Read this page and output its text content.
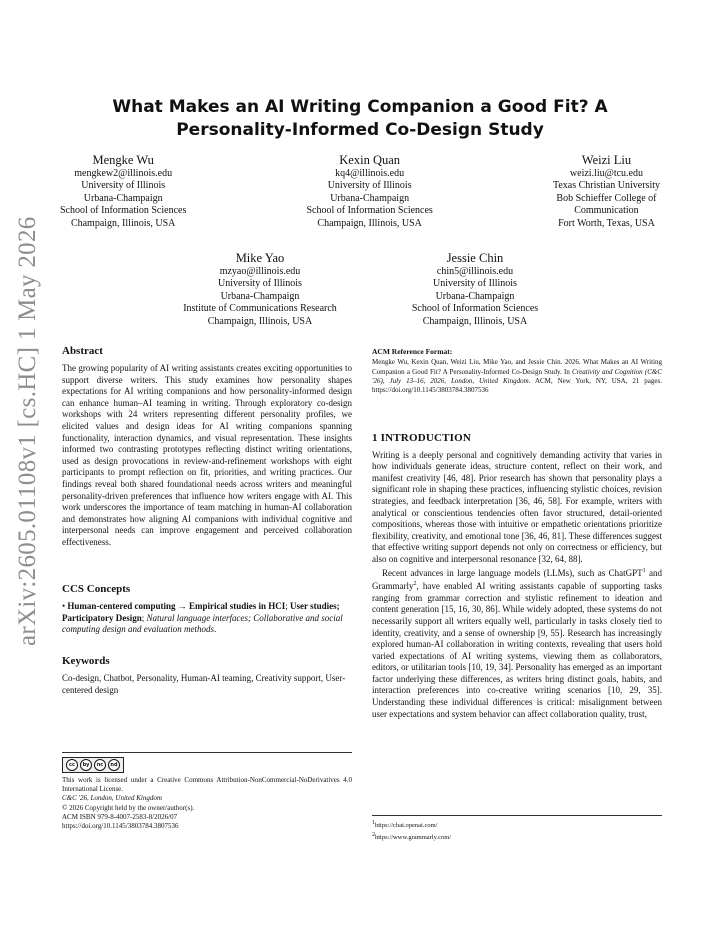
arXiv:2605.01108v1 [cs.HC] 1 May 2026
What Makes an AI Writing Companion a Good Fit? A
Personality-Informed Co-Design Study
Mengke Wu
mengkew2@illinois.edu
University of Illinois
Urbana-Champaign
School of Information Sciences
Champaign, Illinois, USA
Kexin Quan
kq4@illinois.edu
University of Illinois
Urbana-Champaign
School of Information Sciences
Champaign, Illinois, USA
Weizi Liu
weizi.liu@tcu.edu
Texas Christian University
Bob Schieffer College of
Communication
Fort Worth, Texas, USA
Mike Yao
mzyao@illinois.edu
University of Illinois
Urbana-Champaign
Institute of Communications Research
Champaign, Illinois, USA
Jessie Chin
chin5@illinois.edu
University of Illinois
Urbana-Champaign
School of Information Sciences
Champaign, Illinois, USA
Abstract

The growing popularity of AI writing assistants creates exciting opportunities to support diverse writers. This study examines how personality shapes expectations for AI writing companions and how personality-informed design can enhance human–AI teaming in writing. Through exploratory co-design workshops with 24 writers representing different personality profiles, we elicited values and design ideas for AI writing companions spanning functionality, interaction dynamics, and visual representation. These insights informed two contrasting prototypes reflecting distinct writing orientations, used as design provocations in review-and-refinement workshops with eight participants to prompt reflection on fit, priorities, and writing practices. Our findings reveal both shared foundational needs across writers and meaningful personality-driven preferences that influence how writers engage with AI. This work underscores the importance of team matching in human-AI collaboration and demonstrates how aligning AI companions with individual cognitive and interpersonal needs can improve engagement and perceived collaboration effectiveness.

CCS Concepts

• Human-centered computing → Empirical studies in HCI; User studies; Participatory Design; Natural language interfaces; Collaborative and social computing design and evaluation methods.

Keywords

Co-design, Chatbot, Personality, Human-AI teaming, Creativity support, User-centered design

cc	by	nc	nd
This work is licensed under a Creative Commons Attribution-NonCommercial-NoDerivatives 4.0 International License.
C&C '26, London, United Kingdom
© 2026 Copyright held by the owner/author(s).
ACM ISBN 979-8-4007-2583-8/2026/07
https://doi.org/10.1145/3803784.3807536
ACM Reference Format:
Mengke Wu, Kexin Quan, Weizi Liu, Mike Yao, and Jessie Chin. 2026. What Makes an AI Writing Companion a Good Fit? A Personality-Informed Co-Design Study. In Creativity and Cognition (C&C '26), July 13–16, 2026, London, United Kingdom. ACM, New York, NY, USA, 21 pages. https://doi.org/10.1145/3803784.3807536
1 INTRODUCTION

Writing is a deeply personal and cognitively demanding activity that varies in how individuals generate ideas, structure content, reflect on their work, and manifest creativity [46, 48]. Prior research has shown that personality plays a significant role in shaping these practices, influencing stylistic choices, revision strategies, and feedback interpretation [36, 46, 58]. For example, writers with analytical or conscientious tendencies often favor structured, detail-oriented compositions, whereas those with intuitive or empathetic orientations prioritize flexibility, creativity, and emotional tone [36, 46, 81]. These differences suggest that effective writing support depends not only on correctness or efficiency, but also on cognitive and interpersonal resonance [32, 64, 88].

Recent advances in large language models (LLMs), such as ChatGPT$^1$ and Grammarly$^2$, have enabled AI writing assistants capable of supporting tasks ranging from grammar correction and stylistic refinement to ideation and content generation [15, 16, 30, 86]. While widely adopted, these systems do not necessarily support all writers equally well, particularly in tasks closely tied to identity, creativity, and a sense of ownership [9, 55]. Research has increasingly explored human-AI collaboration in writing contexts, revealing that users hold varied expectations of AI writing systems, viewing them as collaborators, editors, or utilitarian tools [10, 19, 34]. Personality has emerged as an important factor underlying these differences, as writers bring distinct goals, habits, and interaction preferences into co-creative writing scenarios [10, 29, 35]. Understanding these individual differences is critical: misalignment between user expectations and system behavior can affect collaboration quality, trust,

$^1$https://chat.openai.com/
$^2$https://www.grammarly.com/
